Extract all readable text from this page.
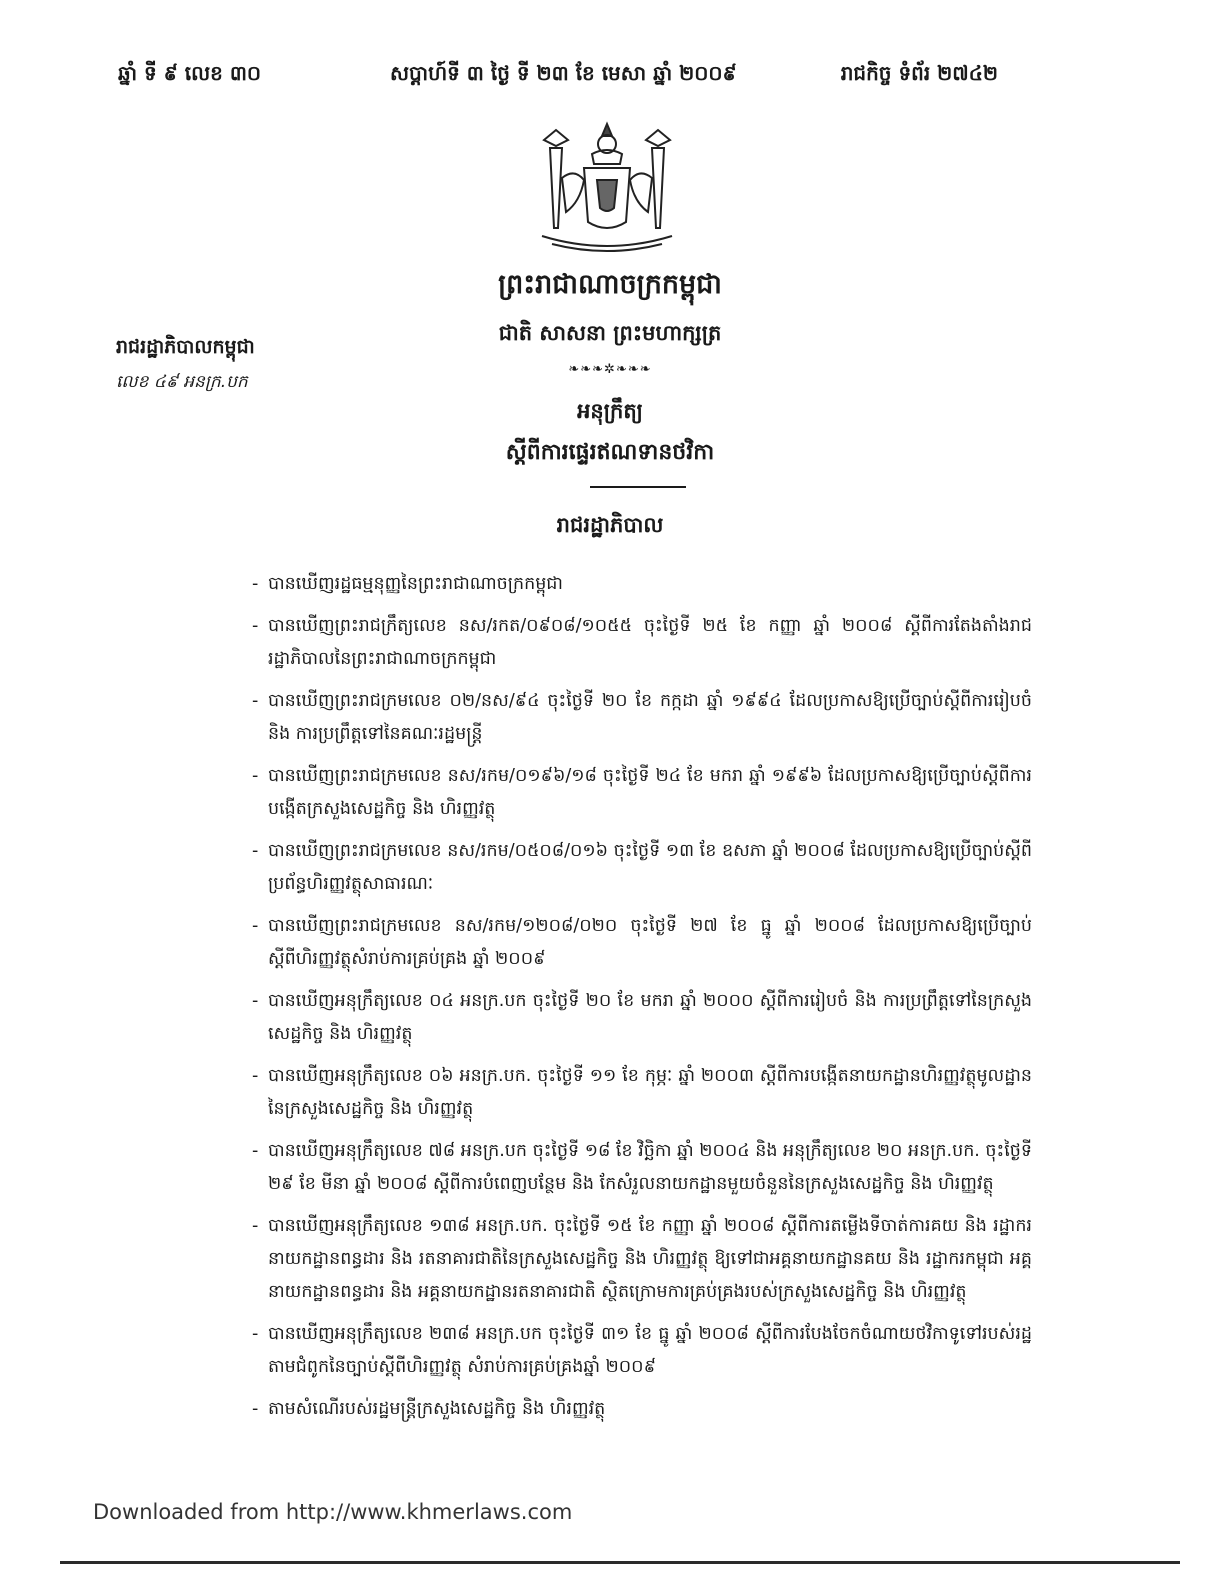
ឆ្នាំ ទី ៩ លេខ ៣០	សប្តាហ៍ទី ៣ ថ្ងៃ ទី ២៣ ខែ មេសា ឆ្នាំ ២០០៩	រាជកិច្ច ទំព័រ ២៧៤២
ព្រះរាជាណាចក្រកម្ពុជា
ជាតិ សាសនា ព្រះមហាក្សត្រ
❧❧❧✲❧❧❧
រាជរដ្ឋាភិបាលកម្ពុជា
លេខ ៤៩ អនក្រ.បក
អនុក្រឹត្យ
ស្តីពីការផ្ទេរឥណទានថវិកា
រាជរដ្ឋាភិបាល
- បានឃើញរដ្ឋធម្មនុញ្ញនៃព្រះរាជាណាចក្រកម្ពុជា
- បានឃើញព្រះរាជក្រឹត្យលេខ នស/រកត/០៩០៨/១០៥៥ ចុះថ្ងៃទី ២៥ ខែ កញ្ញា ឆ្នាំ ២០០៨ ស្តីពីការតែងតាំងរាជរដ្ឋាភិបាលនៃព្រះរាជាណាចក្រកម្ពុជា
- បានឃើញព្រះរាជក្រមលេខ ០២/នស/៩៤ ចុះថ្ងៃទី ២០ ខែ កក្កដា ឆ្នាំ ១៩៩៤ ដែលប្រកាសឱ្យប្រើច្បាប់ស្តីពីការរៀបចំ និង ការប្រព្រឹត្តទៅនៃគណៈរដ្ឋមន្ត្រី
- បានឃើញព្រះរាជក្រមលេខ នស/រកម/០១៩៦/១៨ ចុះថ្ងៃទី ២៤ ខែ មករា ឆ្នាំ ១៩៩៦ ដែលប្រកាសឱ្យប្រើច្បាប់ស្តីពីការបង្កើតក្រសួងសេដ្ឋកិច្ច និង ហិរញ្ញវត្ថុ
- បានឃើញព្រះរាជក្រមលេខ នស/រកម/០៥០៨/០១៦ ចុះថ្ងៃទី ១៣ ខែ ឧសភា ឆ្នាំ ២០០៨ ដែលប្រកាសឱ្យប្រើច្បាប់ស្តីពីប្រព័ន្ធហិរញ្ញវត្ថុសាធារណៈ
- បានឃើញព្រះរាជក្រមលេខ នស/រកម/១២០៨/០២០ ចុះថ្ងៃទី ២៧ ខែ ធ្នូ ឆ្នាំ ២០០៨ ដែលប្រកាសឱ្យប្រើច្បាប់ស្តីពីហិរញ្ញវត្ថុសំរាប់ការគ្រប់គ្រង ឆ្នាំ ២០០៩
- បានឃើញអនុក្រឹត្យលេខ ០៤ អនក្រ.បក ចុះថ្ងៃទី ២០ ខែ មករា ឆ្នាំ ២០០០ ស្តីពីការរៀបចំ និង ការប្រព្រឹត្តទៅនៃក្រសួងសេដ្ឋកិច្ច និង ហិរញ្ញវត្ថុ
- បានឃើញអនុក្រឹត្យលេខ ០៦ អនក្រ.បក. ចុះថ្ងៃទី ១១ ខែ កុម្ភៈ ឆ្នាំ ២០០៣ ស្តីពីការបង្កើតនាយកដ្ឋានហិរញ្ញវត្ថុមូលដ្ឋាននៃក្រសួងសេដ្ឋកិច្ច និង ហិរញ្ញវត្ថុ
- បានឃើញអនុក្រឹត្យលេខ ៧៨ អនក្រ.បក ចុះថ្ងៃទី ១៨ ខែ វិច្ឆិកា ឆ្នាំ ២០០៤ និង អនុក្រឹត្យលេខ ២០ អនក្រ.បក. ចុះថ្ងៃទី ២៩ ខែ មីនា ឆ្នាំ ២០០៨ ស្តីពីការបំពេញបន្ថែម និង កែសំរួលនាយកដ្ឋានមួយចំនួននៃក្រសួងសេដ្ឋកិច្ច និង ហិរញ្ញវត្ថុ
- បានឃើញអនុក្រឹត្យលេខ ១៣៨ អនក្រ.បក. ចុះថ្ងៃទី ១៥ ខែ កញ្ញា ឆ្នាំ ២០០៨ ស្តីពីការតម្លើងទីចាត់ការគយ និង រដ្ឋាករ នាយកដ្ឋានពន្ធដារ និង រតនាគារជាតិនៃក្រសួងសេដ្ឋកិច្ច និង ហិរញ្ញវត្ថុ ឱ្យទៅជាអគ្គនាយកដ្ឋានគយ និង រដ្ឋាករកម្ពុជា អគ្គនាយកដ្ឋានពន្ធដារ និង អគ្គនាយកដ្ឋានរតនាគារជាតិ ស្ថិតក្រោមការគ្រប់គ្រងរបស់ក្រសួងសេដ្ឋកិច្ច និង ហិរញ្ញវត្ថុ
- បានឃើញអនុក្រឹត្យលេខ ២៣៨ អនក្រ.បក ចុះថ្ងៃទី ៣១ ខែ ធ្នូ ឆ្នាំ ២០០៨ ស្តីពីការបែងចែកចំណាយថវិកាទូទៅរបស់រដ្ឋតាមជំពូកនៃច្បាប់ស្តីពីហិរញ្ញវត្ថុ សំរាប់ការគ្រប់គ្រងឆ្នាំ ២០០៩
- តាមសំណើរបស់រដ្ឋមន្ត្រីក្រសួងសេដ្ឋកិច្ច និង ហិរញ្ញវត្ថុ
Downloaded from http://www.khmerlaws.com
